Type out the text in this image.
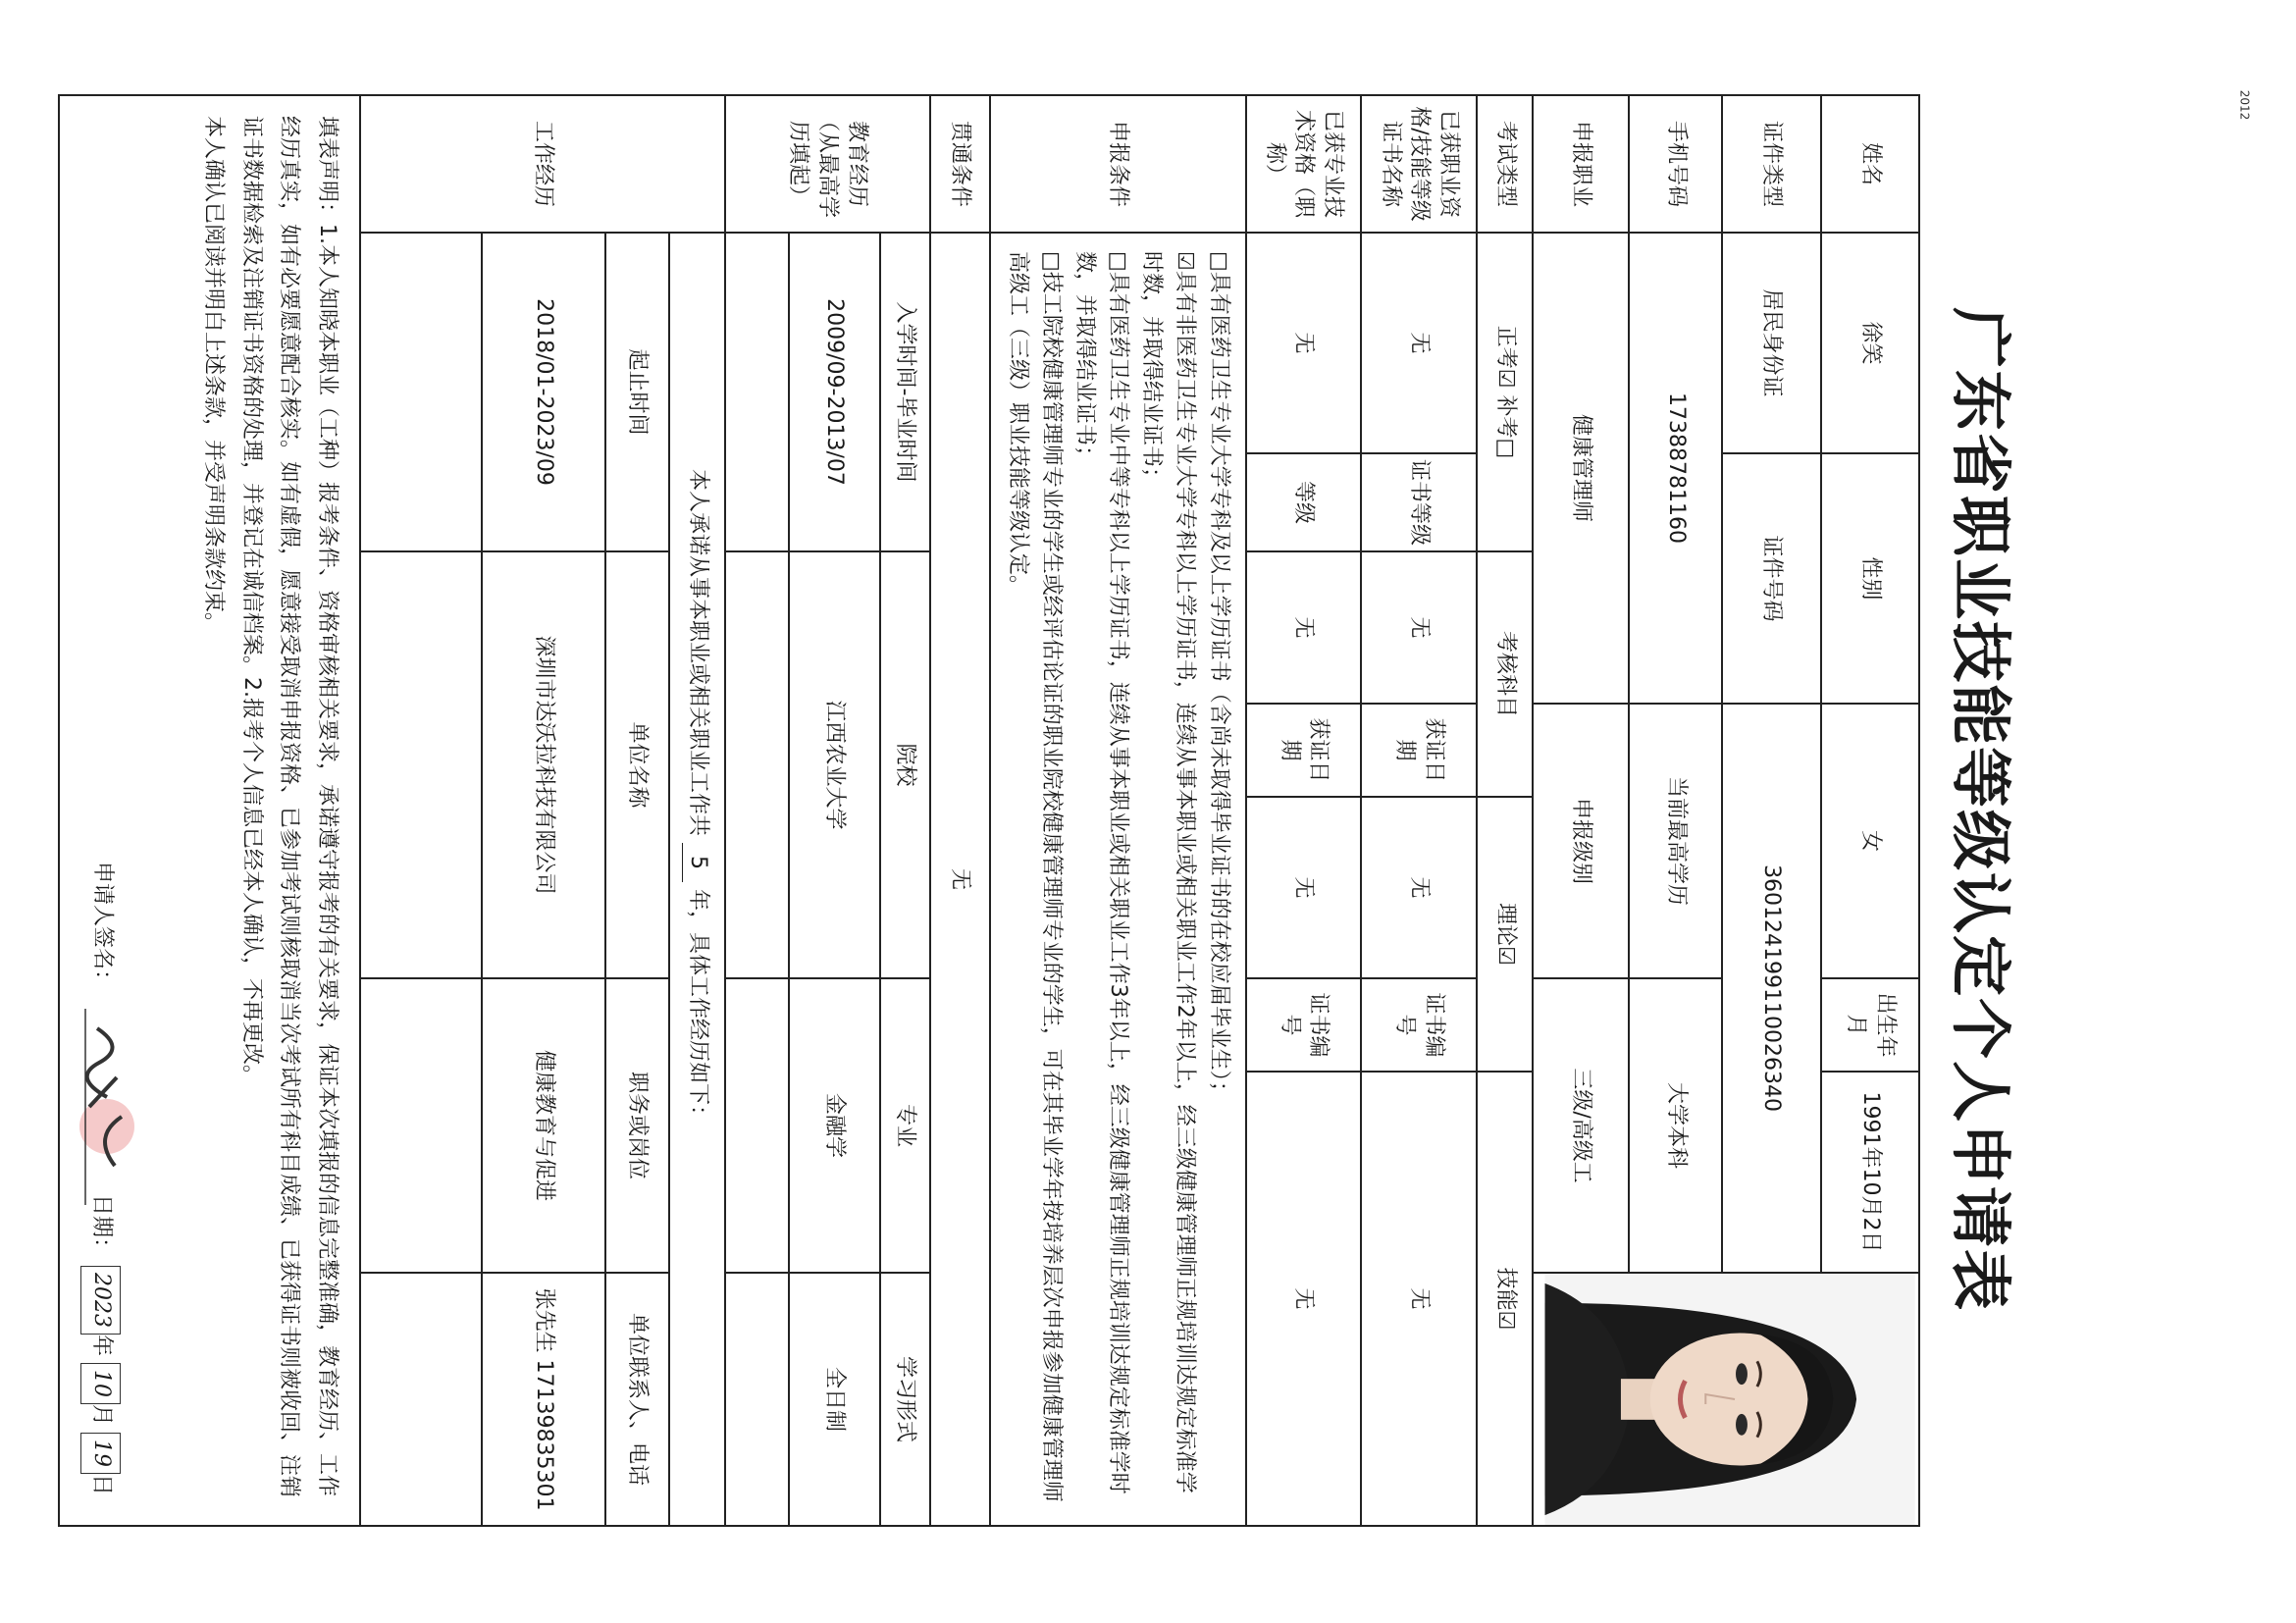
2012
广东省职业技能等级认定个人申请表
姓名	徐笑	性别		女		出生年月	1991年10月2日	
证件类型	居民身份证	证件号码		360124199110026340				
手机号码	17388781160			当前最高学历		大学本科		
申报职业	健康管理师			申报级别		三级/高级工		
考试类型	正考☑ 补考□		考核科目		理论☑		技能☑	
已获职业资格/技能等级证书名称	无	证书等级	无	获证日期	无	证书编号	无	
已获专业技术资格（职称）	无	等级	无	获证日期	无	证书编号	无	
申报条件	□具有医药卫生专业大学专科及以上学历证书（含尚未取得毕业证书的在校应届毕业生）；
☑具有非医药卫生专业大学专科以上学历证书，连续从事本职业或相关职业工作2年以上，经三级健康管理师正规培训达规定标准学时数，并取得结业证书；
□具有医药卫生专业中等专科以上学历证书，连续从事本职业或相关职业工作3年以上，经三级健康管理师正规培训达规定标准学时数，并取得结业证书；
□技工院校健康管理师专业的学生或经评估论证的职业院校健康管理师专业的学生，可在其毕业学年按培养层次申报参加健康管理师高级工（三级）职业技能等级认定。							

贯通条件	无							
教育经历（从最高学历填起）	入学时间-毕业时间		院校			专业		学习形式
	2009/09-2013/07		江西农业大学			金融学		全日制

工作经历	本人承诺从事本职业或相关职业工作共 5 年，具体工作经历如下：							
	起止时间		单位名称			职务或岗位		单位联系人、电话
	2018/01-2023/09		深圳市达沃拉科技有限公司			健康教育与促进		张先生 17139835301

填表声明：1.本人知晓本职业（工种）报考条件、资格审核相关要求，承诺遵守报考的有关要求，保证本次填报的信息完整准确，教育经历、工作经历真实，如有必要愿意配合核实。如有虚假，愿意接受取消申报资格、已参加考试则核取消当次考试所有科目成绩、已获得证书则被收回、注销证书数据检索及注销证书资格的处理，并登记在诚信档案。2.报考个人信息已经本人确认，不再更改。

本人确认已阅读并明白上述条款，并受声明条款约束。

申请人签名：
日期： 2023年 10月 19日								
